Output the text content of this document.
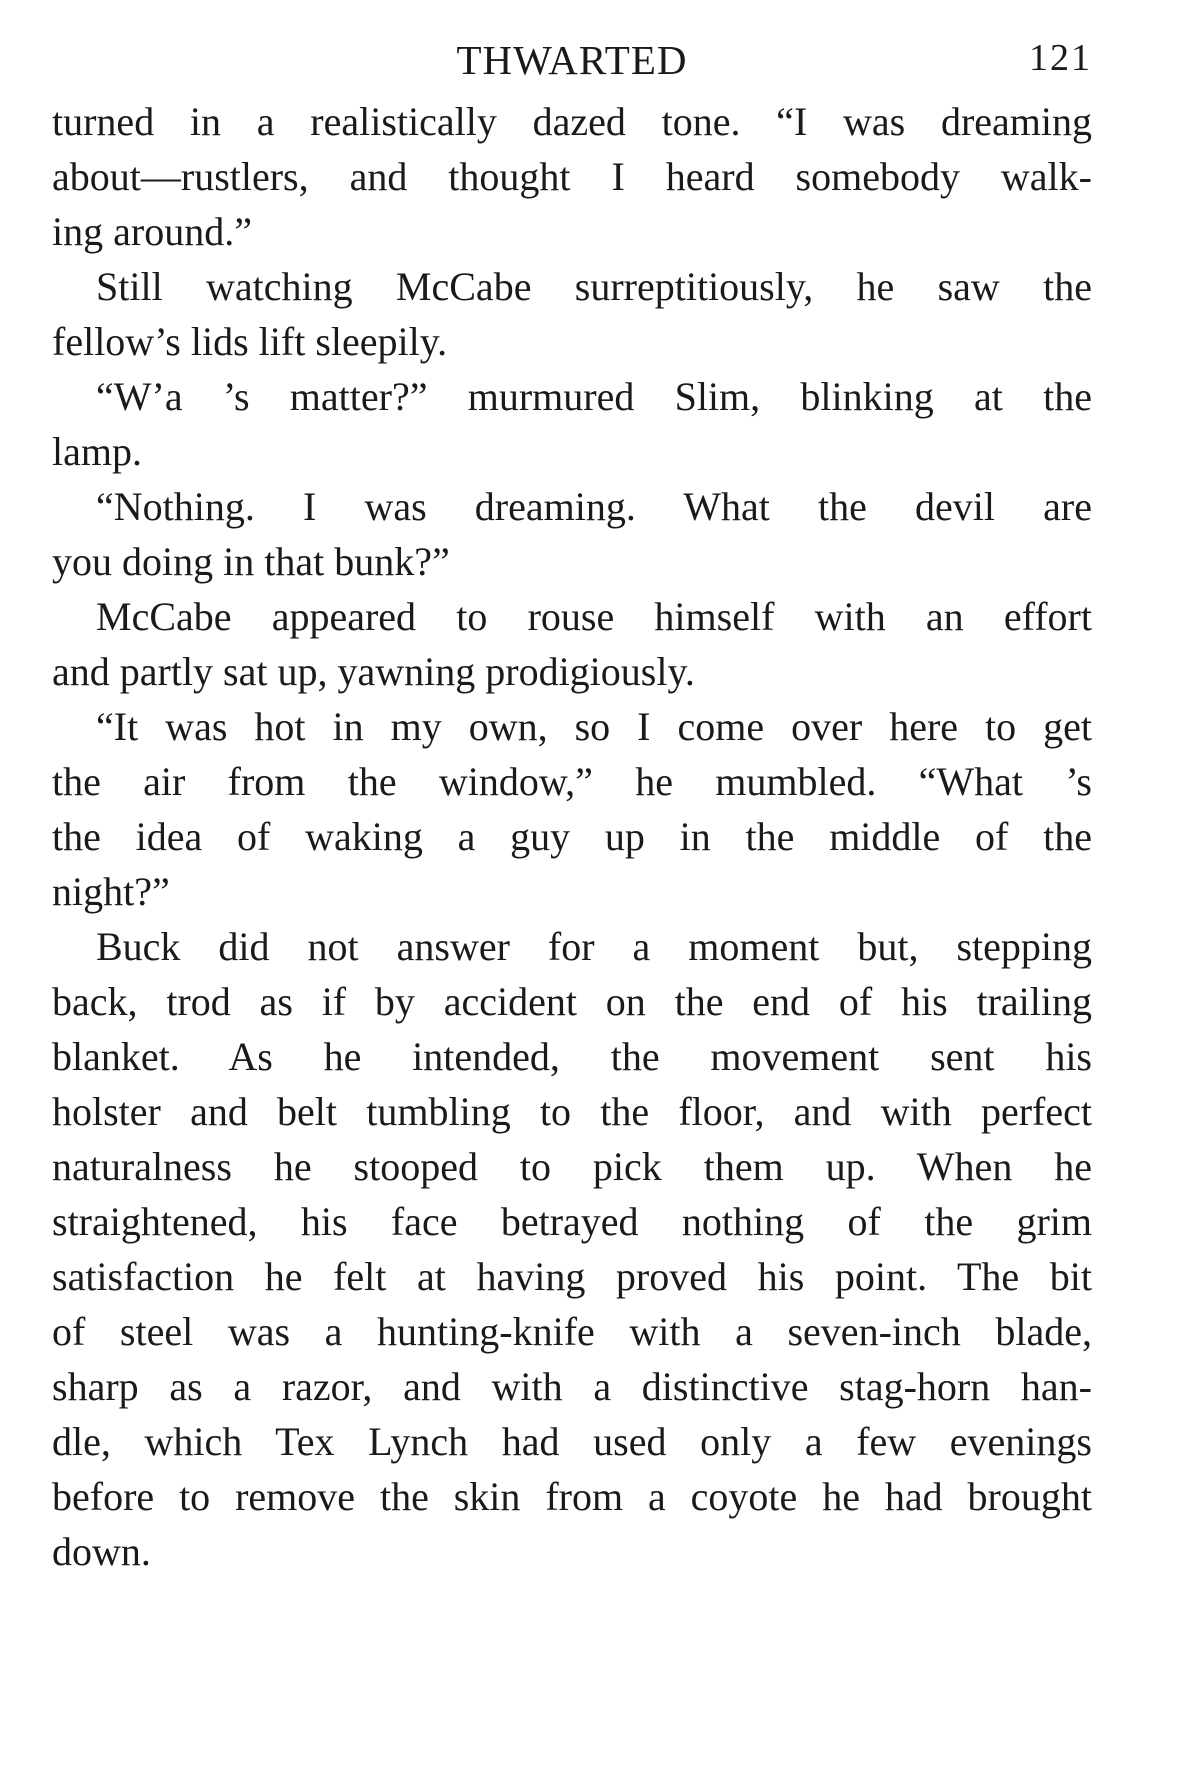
THWARTED	121
turned in a realistically dazed tone. “I was dreaming
about—rustlers, and thought I heard somebody walk-
ing around.”
Still watching McCabe surreptitiously, he saw the
fellow’s lids lift sleepily.
“W’a ’s matter?” murmured Slim, blinking at the
lamp.
“Nothing. I was dreaming. What the devil are
you doing in that bunk?”
McCabe appeared to rouse himself with an effort
and partly sat up, yawning prodigiously.
“It was hot in my own, so I come over here to get
the air from the window,” he mumbled. “What ’s
the idea of waking a guy up in the middle of the
night?”
Buck did not answer for a moment but, stepping
back, trod as if by accident on the end of his trailing
blanket. As he intended, the movement sent his
holster and belt tumbling to the floor, and with perfect
naturalness he stooped to pick them up. When he
straightened, his face betrayed nothing of the grim
satisfaction he felt at having proved his point. The bit
of steel was a hunting-knife with a seven-inch blade,
sharp as a razor, and with a distinctive stag-horn han-
dle, which Tex Lynch had used only a few evenings
before to remove the skin from a coyote he had brought
down.
